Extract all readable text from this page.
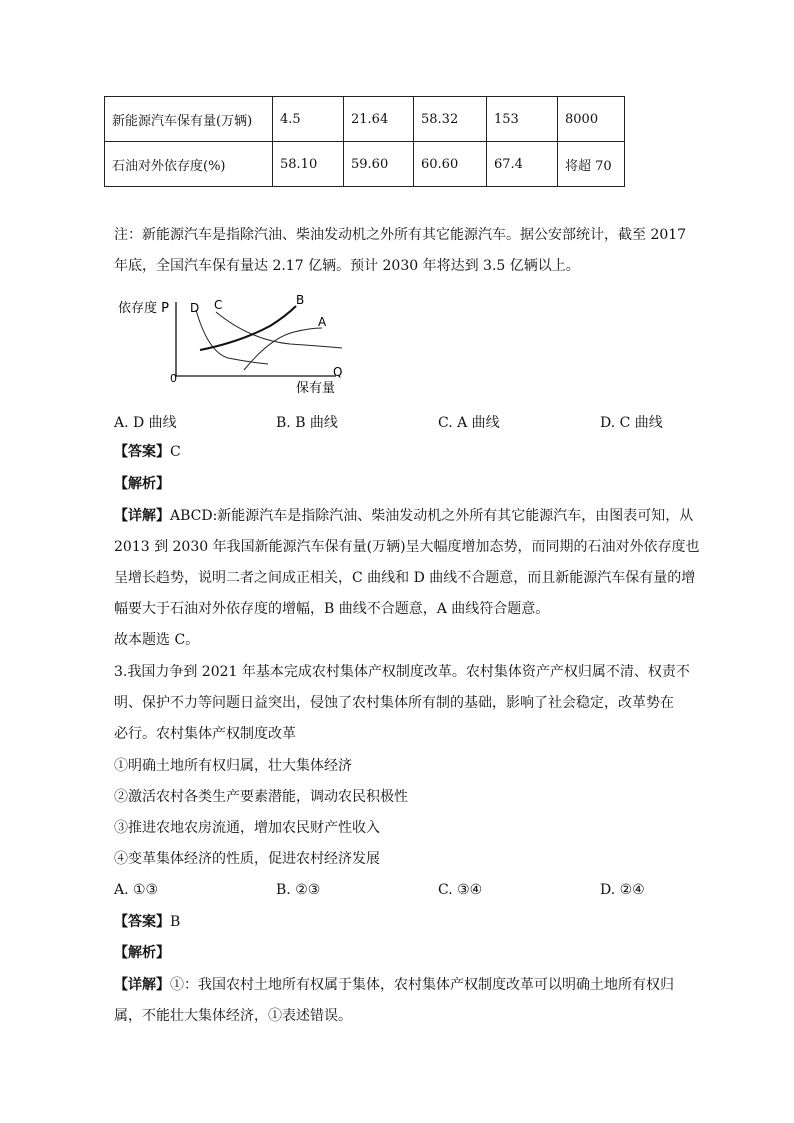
新能源汽车保有量(万辆)	4.5	21.64	58.32	153	8000
石油对外依存度(%)	58.10	59.60	60.60	67.4	将超 70
注：新能源汽车是指除汽油、柴油发动机之外所有其它能源汽车。据公安部统计，截至 2017
年底，全国汽车保有量达 2.17 亿辆。预计 2030 年将达到 3.5 亿辆以上。
依存度 P
保有量
Q
0
D C	B
A
A. D 曲线	B. B 曲线	C. A 曲线	D. C 曲线
【答案】C
【解析】
【详解】ABCD:新能源汽车是指除汽油、柴油发动机之外所有其它能源汽车，由图表可知，从
2013 到 2030 年我国新能源汽车保有量(万辆)呈大幅度增加态势，而同期的石油对外依存度也
呈增长趋势，说明二者之间成正相关，C 曲线和 D 曲线不合题意，而且新能源汽车保有量的增
幅要大于石油对外依存度的增幅，B 曲线不合题意，A 曲线符合题意。
故本题选 C。
3.我国力争到 2021 年基本完成农村集体产权制度改革。农村集体资产产权归属不清、权责不
明、保护不力等问题日益突出，侵蚀了农村集体所有制的基础，影响了社会稳定，改革势在
必行。农村集体产权制度改革
①明确土地所有权归属，壮大集体经济
②激活农村各类生产要素潜能，调动农民积极性
③推进农地农房流通，增加农民财产性收入
④变革集体经济的性质，促进农村经济发展
A. ①③	B. ②③	C. ③④	D. ②④
【答案】B
【解析】
【详解】①：我国农村土地所有权属于集体，农村集体产权制度改革可以明确土地所有权归
属，不能壮大集体经济，①表述错误。
